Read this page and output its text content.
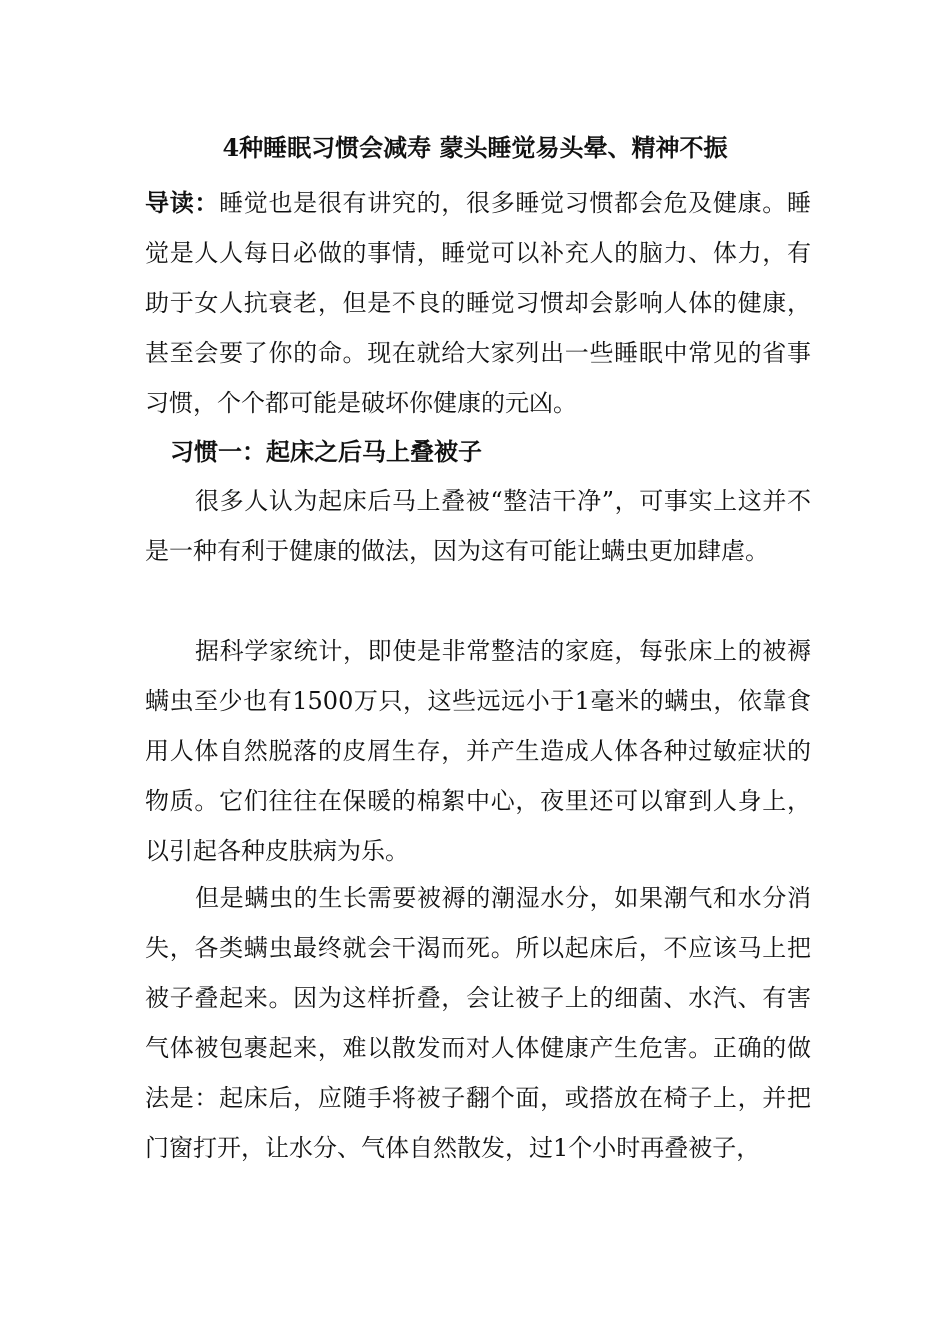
4种睡眠习惯会减寿 蒙头睡觉易头晕、精神不振
导读：睡觉也是很有讲究的，很多睡觉习惯都会危及健康。睡觉是人人每日必做的事情，睡觉可以补充人的脑力、体力，有助于女人抗衰老，但是不良的睡觉习惯却会影响人体的健康，甚至会要了你的命。现在就给大家列出一些睡眠中常见的省事习惯，个个都可能是破坏你健康的元凶。
习惯一：起床之后马上叠被子
很多人认为起床后马上叠被“整洁干净”，可事实上这并不是一种有利于健康的做法，因为这有可能让螨虫更加肆虐。
据科学家统计，即使是非常整洁的家庭，每张床上的被褥螨虫至少也有1500万只，这些远远小于1毫米的螨虫，依靠食用人体自然脱落的皮屑生存，并产生造成人体各种过敏症状的物质。它们往往在保暖的棉絮中心，夜里还可以窜到人身上，以引起各种皮肤病为乐。
但是螨虫的生长需要被褥的潮湿水分，如果潮气和水分消失，各类螨虫最终就会干渴而死。所以起床后，不应该马上把被子叠起来。因为这样折叠，会让被子上的细菌、水汽、有害气体被包裹起来，难以散发而对人体健康产生危害。正确的做法是：起床后，应随手将被子翻个面，或搭放在椅子上，并把门窗打开，让水分、气体自然散发，过1个小时再叠被子，
